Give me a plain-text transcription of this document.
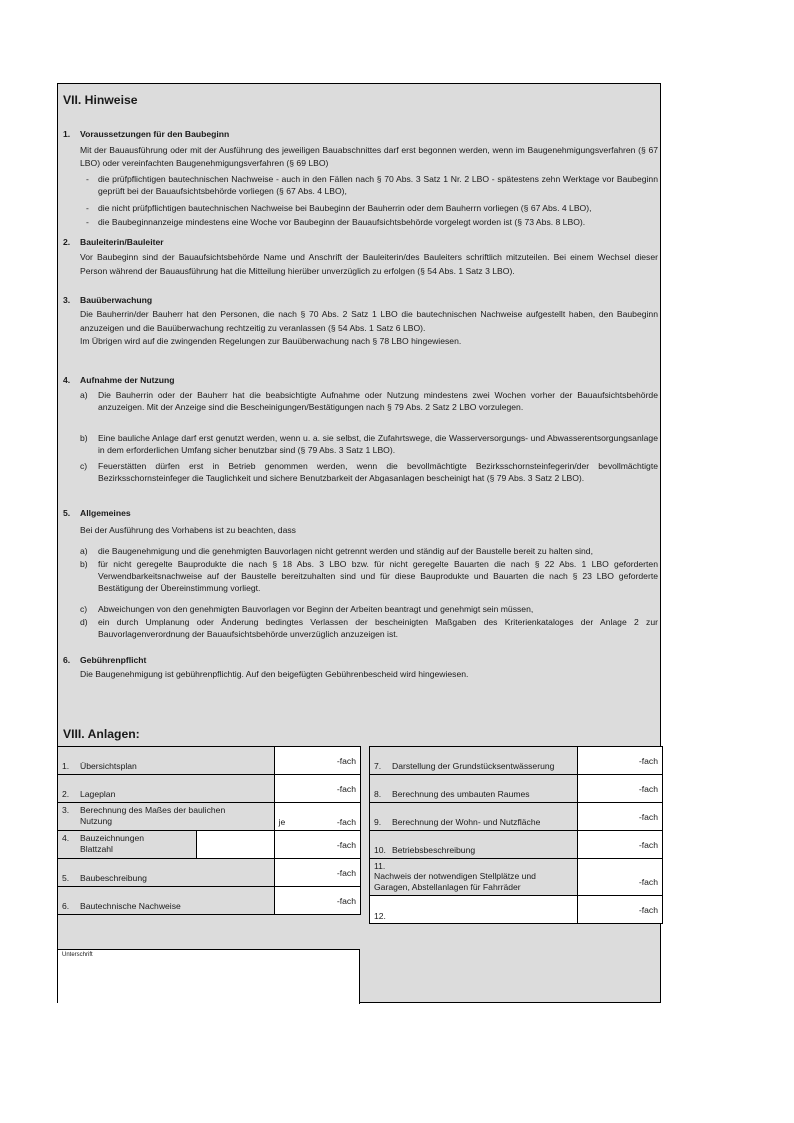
VII. Hinweise
1. Voraussetzungen für den Baubeginn
Mit der Bauausführung oder mit der Ausführung des jeweiligen Bauabschnittes darf erst begonnen werden, wenn im Baugenehmigungsverfahren (§ 67 LBO) oder vereinfachten Baugenehmigungsverfahren (§ 69 LBO)
-	die prüfpflichtigen bautechnischen Nachweise - auch in den Fällen nach § 70 Abs. 3 Satz 1 Nr. 2 LBO - spätestens zehn Werktage vor Baubeginn geprüft bei der Bauaufsichtsbehörde vorliegen (§ 67 Abs. 4 LBO),
-	die nicht prüfpflichtigen bautechnischen Nachweise bei Baubeginn der Bauherrin oder dem Bauherrn vorliegen (§ 67 Abs. 4 LBO),
-	die Baubeginnanzeige mindestens eine Woche vor Baubeginn der Bauaufsichtsbehörde vorgelegt worden ist (§ 73 Abs. 8 LBO).
2. Bauleiterin/Bauleiter
Vor Baubeginn sind der Bauaufsichtsbehörde Name und Anschrift der Bauleiterin/des Bauleiters schriftlich mitzuteilen. Bei einem Wechsel dieser Person während der Bauausführung hat die Mitteilung hierüber unverzüglich zu erfolgen (§ 54 Abs. 1 Satz 3 LBO).
3. Bauüberwachung
Die Bauherrin/der Bauherr hat den Personen, die nach § 70 Abs. 2 Satz 1 LBO die bautechnischen Nachweise aufgestellt haben, den Baubeginn anzuzeigen und die Bauüberwachung rechtzeitig zu veranlassen (§ 54 Abs. 1 Satz 6 LBO).
Im Übrigen wird auf die zwingenden Regelungen zur Bauüberwachung nach § 78 LBO hingewiesen.
4. Aufnahme der Nutzung
a)	Die Bauherrin oder der Bauherr hat die beabsichtigte Aufnahme oder Nutzung mindestens zwei Wochen vorher der Bauaufsichtsbehörde anzuzeigen. Mit der Anzeige sind die Bescheinigungen/Bestätigungen nach § 79 Abs. 2 Satz 2 LBO vorzulegen.
b)	Eine bauliche Anlage darf erst genutzt werden, wenn u. a. sie selbst, die Zufahrtswege, die Wasserversorgungs- und Abwasserentsorgungsanlage in dem erforderlichen Umfang sicher benutzbar sind (§ 79 Abs. 3 Satz 1 LBO).
c)	Feuerstätten dürfen erst in Betrieb genommen werden, wenn die bevollmächtigte Bezirksschornsteinfegerin/der bevollmächtigte Bezirksschornsteinfeger die Tauglichkeit und sichere Benutzbarkeit der Abgasanlagen bescheinigt hat (§ 79 Abs. 3 Satz 2 LBO).
5. Allgemeines
Bei der Ausführung des Vorhabens ist zu beachten, dass
a)	die Baugenehmigung und die genehmigten Bauvorlagen nicht getrennt werden und ständig auf der Baustelle bereit zu halten sind,
b)	für nicht geregelte Bauprodukte die nach § 18 Abs. 3 LBO bzw. für nicht geregelte Bauarten die nach § 22 Abs. 1 LBO geforderten Verwendbarkeitsnachweise auf der Baustelle bereitzuhalten sind und für diese Bauprodukte und Bauarten die nach § 23 LBO geforderte Bestätigung der Übereinstimmung vorliegt.
c)	Abweichungen von den genehmigten Bauvorlagen vor Beginn der Arbeiten beantragt und genehmigt sein müssen,
d)	ein durch Umplanung oder Änderung bedingtes Verlassen der bescheinigten Maßgaben des Kriterienkataloges der Anlage 2 zur Bauvorlagenverordnung der Bauaufsichtsbehörde unverzüglich anzuzeigen ist.
6. Gebührenpflicht
Die Baugenehmigung ist gebührenpflichtig. Auf den beigefügten Gebührenbescheid wird hingewiesen.
VIII. Anlagen:
1. Übersichtsplan		-fach
2. Lageplan		-fach
3. Berechnung des Maßes der baulichen Nutzung		je -fach
4. Bauzeichnungen Blattzahl		-fach
5. Baubeschreibung		-fach
6. Bautechnische Nachweise		-fach
7. Darstellung der Grundstücksentwässerung	-fach
8. Berechnung des umbauten Raumes	-fach
9. Berechnung der Wohn- und Nutzfläche	-fach
10. Betriebsbeschreibung	-fach
11.Nachweis der notwendigen Stellplätze und Garagen, Abstellanlagen für Fahrräder	-fach
12.	-fach
Unterschrift
